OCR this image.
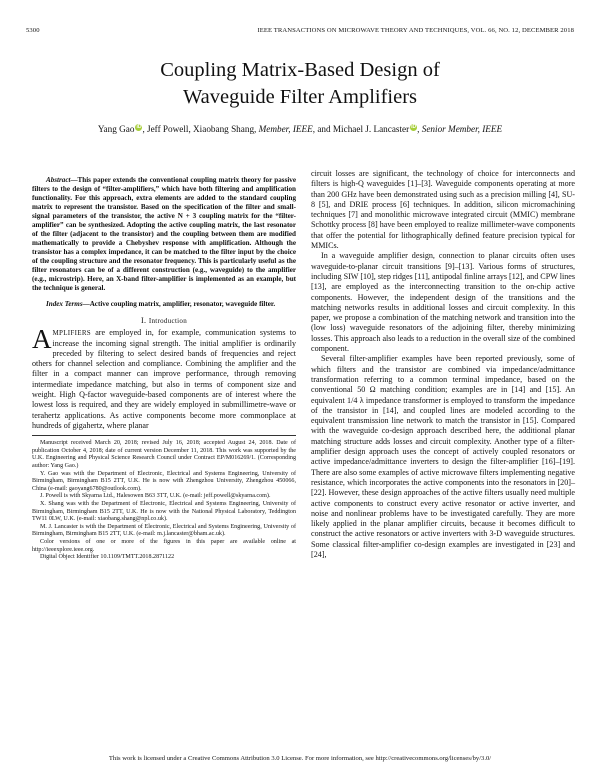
5300	IEEE TRANSACTIONS ON MICROWAVE THEORY AND TECHNIQUES, VOL. 66, NO. 12, DECEMBER 2018
Coupling Matrix-Based Design of
Waveguide Filter Amplifiers
Yang Gao iD, Jeff Powell, Xiaobang Shang, Member, IEEE, and Michael J. Lancaster iD, Senior Member, IEEE

Abstract—This paper extends the conventional coupling matrix theory for passive filters to the design of “filter-amplifiers,” which have both filtering and amplification functionality. For this approach, extra elements are added to the standard coupling matrix to represent the transistor. Based on the specification of the filter and small-signal parameters of the transistor, the active N + 3 coupling matrix for the “filter-amplifier” can be synthesized. Adopting the active coupling matrix, the last resonator of the filter (adjacent to the transistor) and the coupling between them are modified mathematically to provide a Chebyshev response with amplification. Although the transistor has a complex impedance, it can be matched to the filter input by the choice of the coupling structure and the resonator frequency. This is particularly useful as the filter resonators can be of a different construction (e.g., waveguide) to the amplifier (e.g., microstrip). Here, an X-band filter-amplifier is implemented as an example, but the technique is general.

Index Terms—Active coupling matrix, amplifier, resonator, waveguide filter.

I. Introduction

AMPLIFIERS are employed in, for example, communication systems to increase the incoming signal strength. The initial amplifier is ordinarily preceded by filtering to select desired bands of frequencies and reject others for channel selection and compliance. Combining the amplifier and the filter in a compact manner can improve performance, through removing intermediate impedance matching, but also in terms of component size and weight. High Q-factor waveguide-based components are of interest where the lowest loss is required, and they are widely employed in submillimetre-wave or terahertz applications. As active components become more commonplace at hundreds of gigahertz, where planar

Manuscript received March 20, 2018; revised July 16, 2018; accepted August 24, 2018. Date of publication October 4, 2018; date of current version December 11, 2018. This work was supported by the U.K. Engineering and Physical Science Research Council under Contract EP/M016269/1. (Corresponding author: Yang Gao.)

Y. Gao was with the Department of Electronic, Electrical and Systems Engineering, University of Birmingham, Birmingham B15 2TT, U.K. He is now with Zhengzhou University, Zhengzhou 450066, China (e-mail: gaoyang6780@outlook.com).

J. Powell is with Skyarna Ltd., Halesowen B63 3TT, U.K. (e-mail: jeff.powell@skyarna.com).

X. Shang was with the Department of Electronic, Electrical and Systems Engineering, University of Birmingham, Birmingham B15 2TT, U.K. He is now with the National Physical Laboratory, Teddington TW11 0LW, U.K. (e-mail: xiaobang.shang@npl.co.uk).

M. J. Lancaster is with the Department of Electronic, Electrical and Systems Engineering, University of Birmingham, Birmingham B15 2TT, U.K. (e-mail: m.j.lancaster@bham.ac.uk).

Color versions of one or more of the figures in this paper are available online at http://ieeexplore.ieee.org.

Digital Object Identifier 10.1109/TMTT.2018.2871122

circuit losses are significant, the technology of choice for interconnects and filters is high-Q waveguides [1]–[3]. Waveguide components operating at more than 200 GHz have been demonstrated using such as a precision milling [4], SU-8 [5], and DRIE process [6] techniques. In addition, silicon micromachining techniques [7] and monolithic microwave integrated circuit (MMIC) membrane Schottky process [8] have been employed to realize millimeter-wave components that offer the potential for lithographically defined feature precision typical for MMICs.

In a waveguide amplifier design, connection to planar circuits often uses waveguide-to-planar circuit transitions [9]–[13]. Various forms of structures, including SIW [10], step ridges [11], antipodal finline arrays [12], and CPW lines [13], are employed as the interconnecting transition to the on-chip active components. However, the independent design of the transitions and the matching networks results in additional losses and circuit complexity. In this paper, we propose a combination of the matching network and transition into the (low loss) waveguide resonators of the adjoining filter, thereby minimizing losses. This approach also leads to a reduction in the overall size of the combined component.

Several filter-amplifier examples have been reported previously, some of which filters and the transistor are combined via impedance/admittance transformation referring to a common terminal impedance, based on the conventional 50 Ω matching condition; examples are in [14] and [15]. An equivalent 1/4 λ impedance transformer is employed to transform the impedance of the transistor in [14], and coupled lines are modeled according to the equivalent transmission line network to match the transistor in [15]. Compared with the waveguide co-design approach described here, the additional planar matching structure adds losses and circuit complexity. Another type of a filter-amplifier design approach uses the concept of actively coupled resonators or active impedance/admittance inverters to design the filter-amplifier [16]–[19]. There are also some examples of active microwave filters implementing negative resistance, which incorporates the active components into the resonators in [20]–[22]. However, these design approaches of the active filters usually need multiple active components to construct every active resonator or active inverter, and noise and nonlinear problems have to be investigated carefully. They are more likely applied in the planar amplifier circuits, because it becomes difficult to construct the active resonators or active inverters with 3-D waveguide structures. Some classical filter-amplifier co-design examples are investigated in [23] and [24],

This work is licensed under a Creative Commons Attribution 3.0 License. For more information, see http://creativecommons.org/licenses/by/3.0/
